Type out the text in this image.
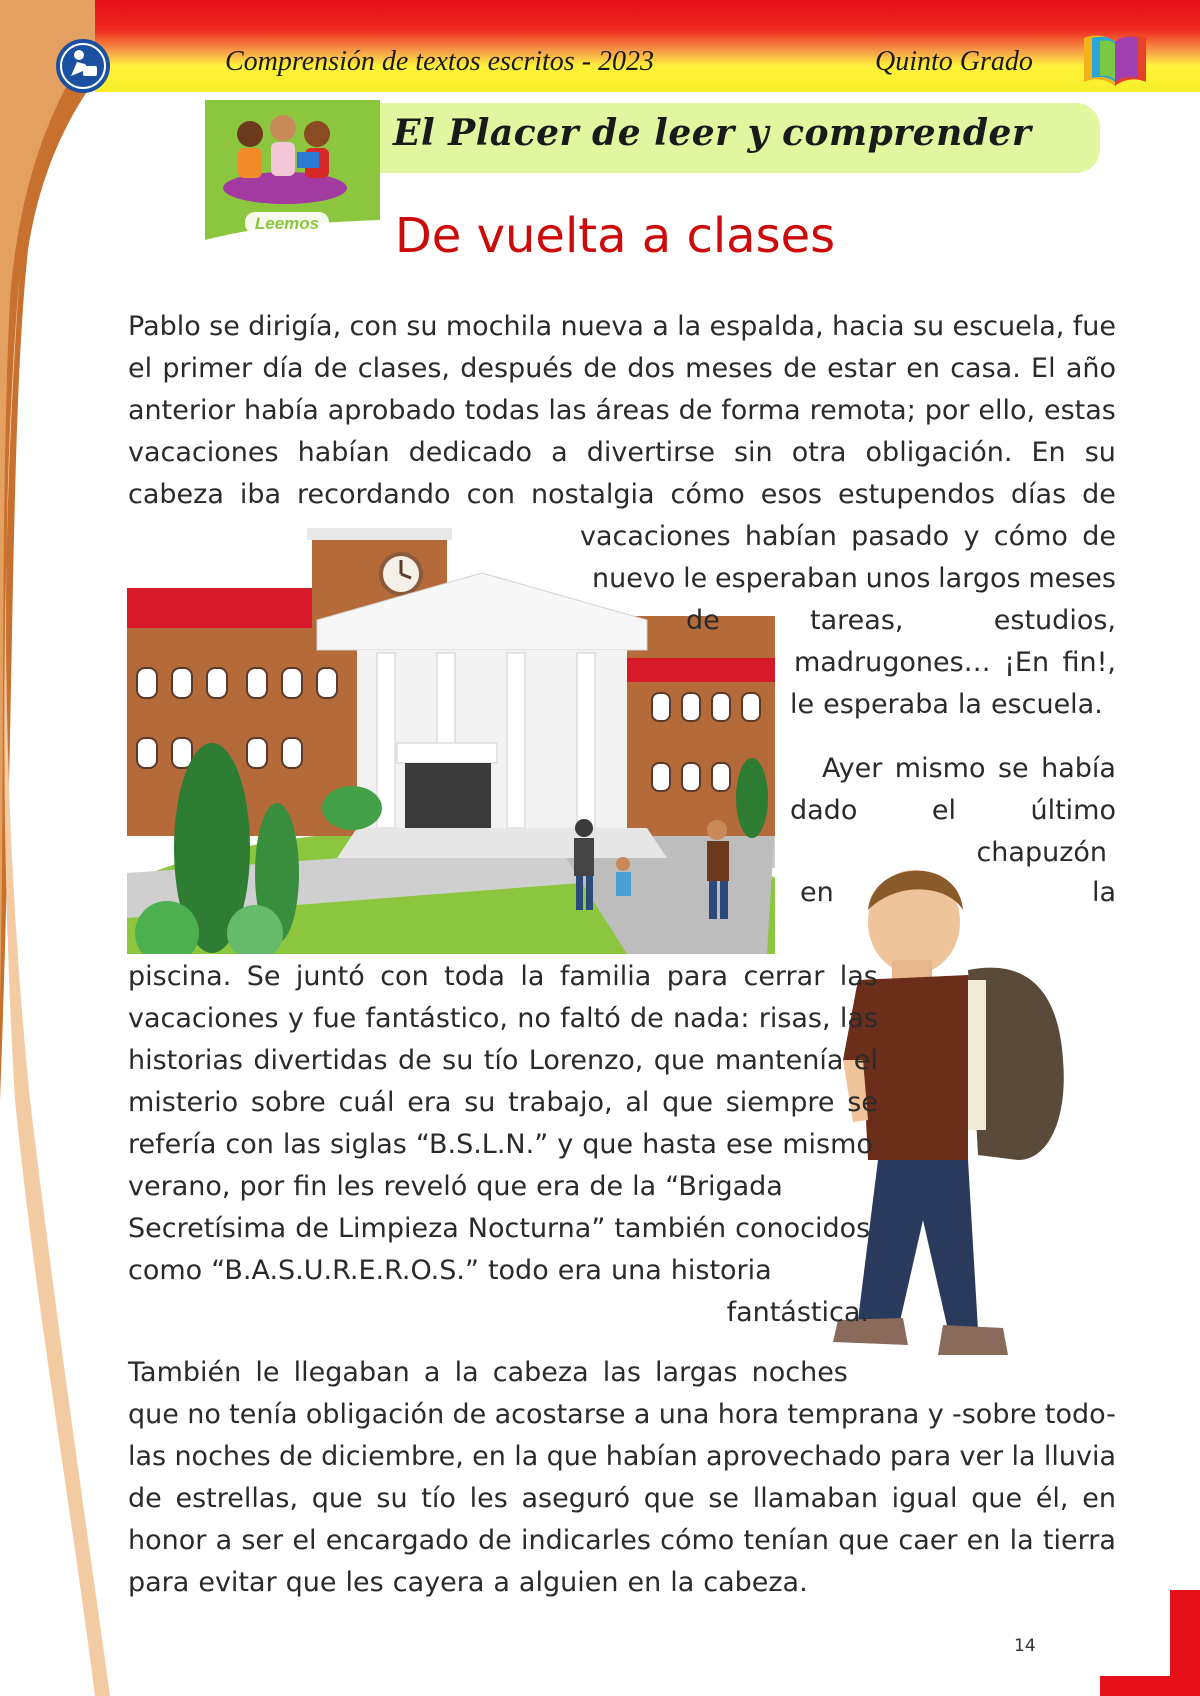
Comprensión de textos escritos - 2023	Quinto Grado
Leemos
El Placer de leer y comprender
De vuelta a clases
Pablo se dirigía, con su mochila nueva a la espalda, hacia su escuela, fue
el primer día de clases, después de dos meses de estar en casa. El año
anterior había aprobado todas las áreas de forma remota; por ello, estas
vacaciones habían dedicado a divertirse sin otra obligación. En su
cabeza iba recordando con nostalgia cómo esos estupendos días de
vacaciones habían pasado y cómo de
nuevo le esperaban unos largos meses
de	tareas,	estudios,
madrugones… ¡En fin!,
le esperaba la escuela.
Ayer mismo se había
dado	el	último
chapuzón
en	la
piscina. Se juntó con toda la familia para cerrar las
vacaciones y fue fantástico, no faltó de nada: risas, las
historias divertidas de su tío Lorenzo, que mantenía el
misterio sobre cuál era su trabajo, al que siempre se
refería con las siglas “B.S.L.N.” y que hasta ese mismo
verano, por fin les reveló que era de la “Brigada
Secretísima de Limpieza Nocturna” también conocidos
como “B.A.S.U.R.E.R.O.S.” todo era una historia
fantástica.
También le llegaban a la cabeza las largas noches
que no tenía obligación de acostarse a una hora temprana y -sobre todo-
las noches de diciembre, en la que habían aprovechado para ver la lluvia
de estrellas, que su tío les aseguró que se llamaban igual que él, en
honor a ser el encargado de indicarles cómo tenían que caer en la tierra
para evitar que les cayera a alguien en la cabeza.
14
